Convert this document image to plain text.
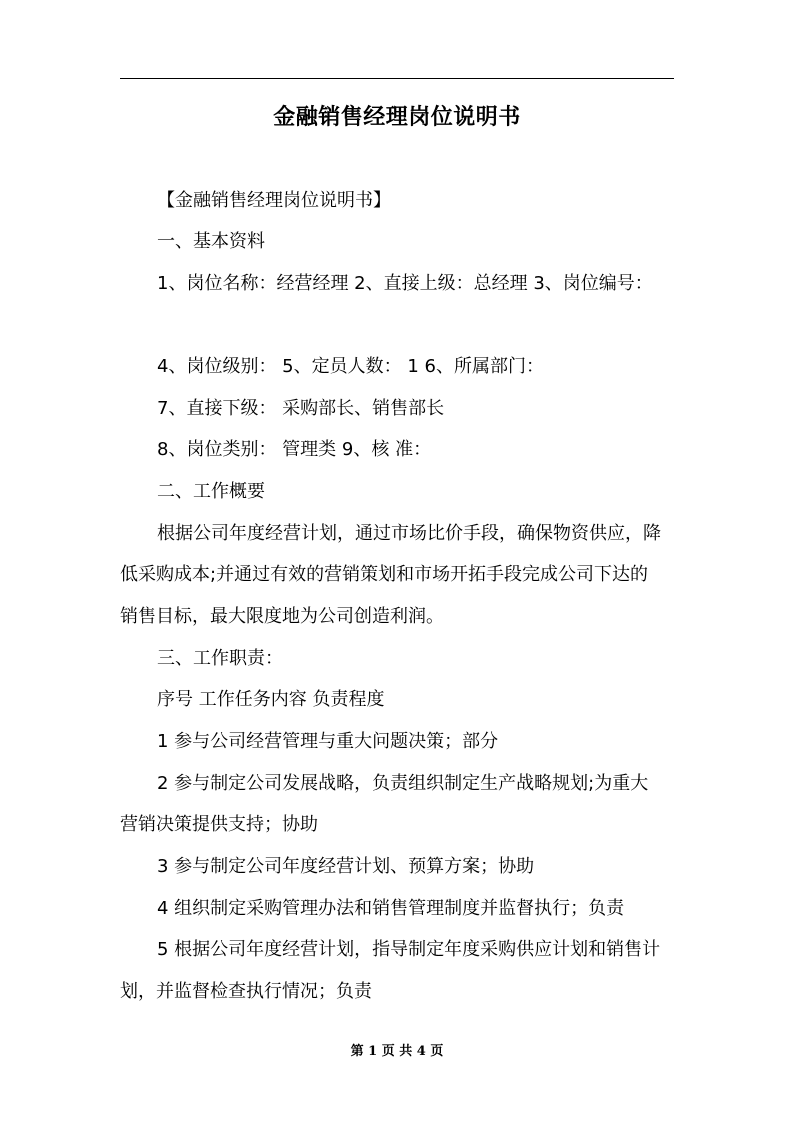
金融销售经理岗位说明书
【金融销售经理岗位说明书】
一、基本资料
1、岗位名称：经营经理 2、直接上级：总经理 3、岗位编号：
4、岗位级别： 5、定员人数： 1 6、所属部门：
7、直接下级： 采购部长、销售部长
8、岗位类别： 管理类 9、核 准：
二、工作概要
根据公司年度经营计划，通过市场比价手段，确保物资供应，降
低采购成本;并通过有效的营销策划和市场开拓手段完成公司下达的
销售目标，最大限度地为公司创造利润。
三、工作职责：
序号 工作任务内容 负责程度
1 参与公司经营管理与重大问题决策；部分
2 参与制定公司发展战略，负责组织制定生产战略规划;为重大
营销决策提供支持；协助
3 参与制定公司年度经营计划、预算方案；协助
4 组织制定采购管理办法和销售管理制度并监督执行；负责
5 根据公司年度经营计划，指导制定年度采购供应计划和销售计
划，并监督检查执行情况；负责
第 1 页 共 4 页
